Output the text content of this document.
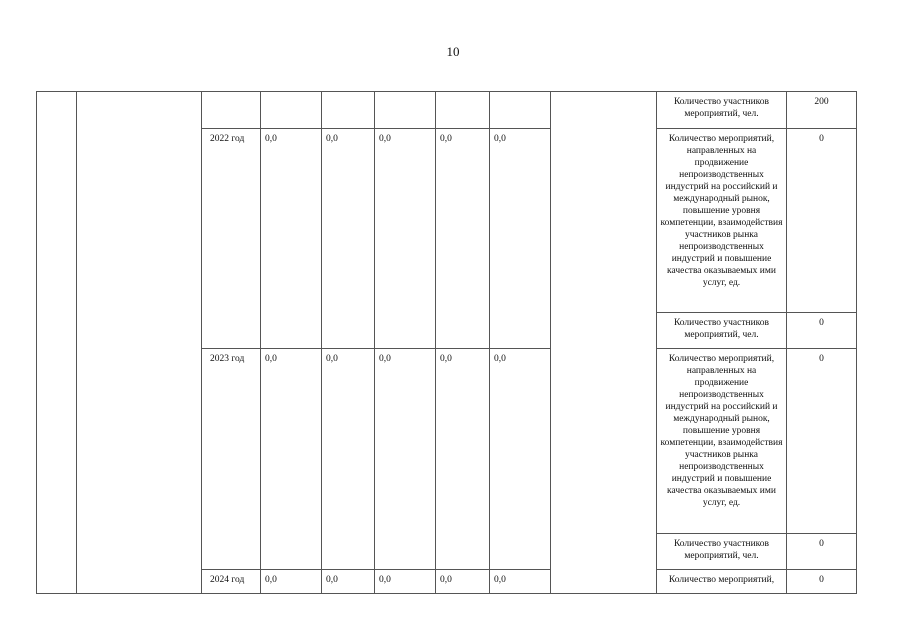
10
									Количество участников мероприятий, чел.	200
		2022 год	0,0	0,0	0,0	0,0	0,0		Количество мероприятий, направленных на продвижение непроизводственных индустрий на российский и международный рынок, повышение уровня компетенции, взаимодействия участников рынка непроизводственных индустрий и повышение качества оказываемых ими услуг, ед.	0
									Количество участников мероприятий, чел.	0
		2023 год	0,0	0,0	0,0	0,0	0,0		Количество мероприятий, направленных на продвижение непроизводственных индустрий на российский и международный рынок, повышение уровня компетенции, взаимодействия участников рынка непроизводственных индустрий и повышение качества оказываемых ими услуг, ед.	0
									Количество участников мероприятий, чел.	0
		2024 год	0,0	0,0	0,0	0,0	0,0		Количество мероприятий,	0
